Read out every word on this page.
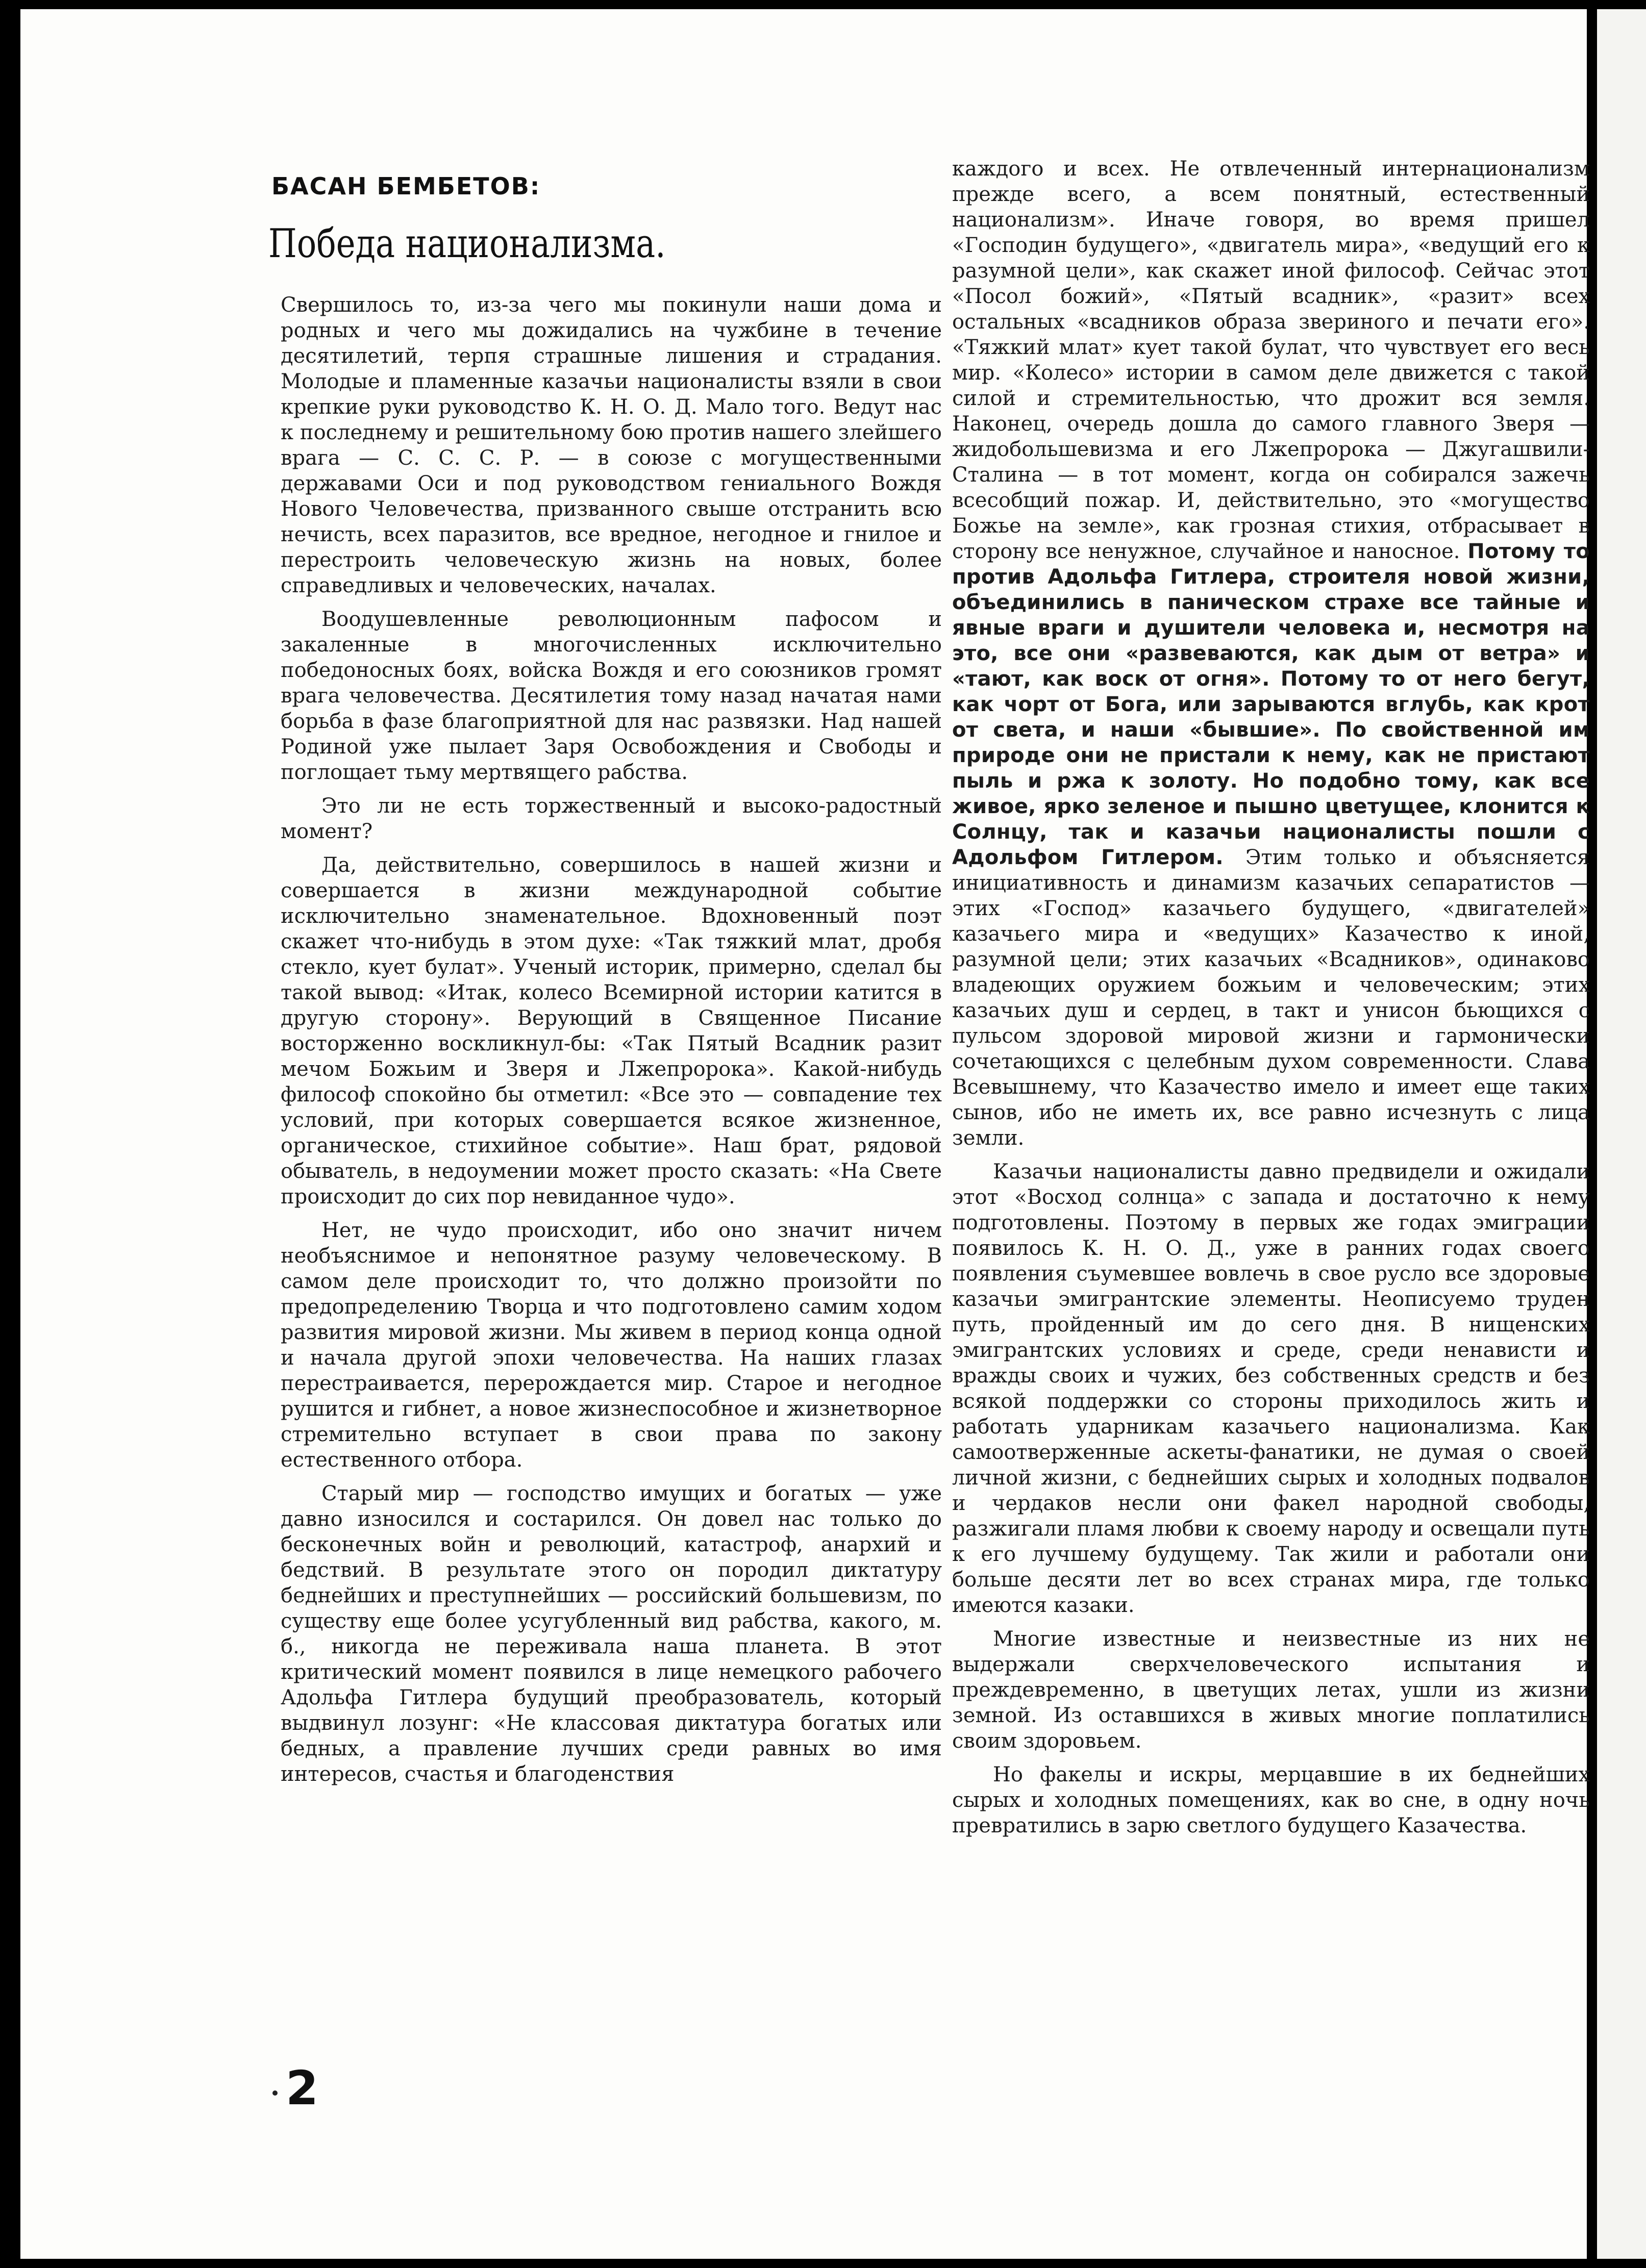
БАСАН БЕМБЕТОВ:
Победа национализма.

Свершилось то, из-за чего мы покинули наши дома и родных и чего мы дожидались на чужбине в течение десятилетий, терпя страшные лишения и страдания. Молодые и пламенные казачьи националисты взяли в свои крепкие руки руководство К. Н. О. Д. Мало того. Ведут нас к последнему и решительному бою против нашего злейшего врага — С. С. С. Р. — в союзе с могущественными державами Оси и под руководством гениального Вождя Нового Человечества, призванного свыше отстранить всю нечисть, всех паразитов, все вредное, негодное и гнилое и перестроить человеческую жизнь на новых, более справедливых и человеческих, началах.

Воодушевленные революционным пафосом и закаленные в многочисленных исключительно победоносных боях, войска Вождя и его союзников громят врага человечества. Десятилетия тому назад начатая нами борьба в фазе благоприятной для нас развязки. Над нашей Родиной уже пылает Заря Освобождения и Свободы и поглощает тьму мертвящего рабства.

Это ли не есть торжественный и высоко-радостный момент?

Да, действительно, совершилось в нашей жизни и совершается в жизни международной событие исключительно знаменательное. Вдохновенный поэт скажет что-нибудь в этом духе: «Так тяжкий млат, дробя стекло, кует булат». Ученый историк, примерно, сделал бы такой вывод: «Итак, колесо Всемирной истории катится в другую сторону». Верующий в Священное Писание восторженно воскликнул-бы: «Так Пятый Всадник разит мечом Божьим и Зверя и Лжепророка». Какой-нибудь философ спокойно бы отметил: «Все это — совпадение тех условий, при которых совершается всякое жизненное, органическое, стихийное событие». Наш брат, рядовой обыватель, в недоумении может просто сказать: «На Свете происходит до сих пор невиданное чудо».

Нет, не чудо происходит, ибо оно значит ничем необъяснимое и непонятное разуму человеческому. В самом деле происходит то, что должно произойти по предопределению Творца и что подготовлено самим ходом развития мировой жизни. Мы живем в период конца одной и начала другой эпохи человечества. На наших глазах перестраивается, перерождается мир. Старое и негодное рушится и гибнет, а новое жизнеспособное и жизнетворное стремительно вступает в свои права по закону естественного отбора.

Старый мир — господство имущих и богатых — уже давно износился и состарился. Он довел нас только до бесконечных войн и революций, катастроф, анархий и бедствий. В результате этого он породил диктатуру беднейших и преступнейших — российский большевизм, по существу еще более усугубленный вид рабства, какого, м. б., никогда не переживала наша планета. В этот критический момент появился в лице немецкого рабочего Адольфа Гитлера будущий преобразователь, который выдвинул лозунг: «Не классовая диктатура богатых или бедных, а правление лучших среди равных во имя интересов, счастья и благоденствия

каждого и всех. Не отвлеченный интернационализм прежде всего, а всем понятный, естественный национализм». Иначе говоря, во время пришел «Господин будущего», «двигатель мира», «ведущий его к разумной цели», как скажет иной философ. Сейчас этот «Посол божий», «Пятый всадник», «разит» всех остальных «всадников образа звериного и печати его». «Тяжкий млат» кует такой булат, что чувствует его весь мир. «Колесо» истории в самом деле движется с такой силой и стремительностью, что дрожит вся земля. Наконец, очередь дошла до самого главного Зверя — жидобольшевизма и его Лжепророка — Джугашвили-Сталина — в тот момент, когда он собирался зажечь всесобщий пожар. И, действительно, это «могущество Божье на земле», как грозная стихия, отбрасывает в сторону все ненужное, случайное и наносное. Потому то против Адольфа Гитлера, строителя новой жизни, объединились в паническом страхе все тайные и явные враги и душители человека и, несмотря на это, все они «развеваются, как дым от ветра» и «тают, как воск от огня». Потому то от него бегут, как чорт от Бога, или зарываются вглубь, как крот от света, и наши «бывшие». По свойственной им природе они не пристали к нему, как не пристают пыль и ржа к золоту. Но подобно тому, как все живое, ярко зеленое и пышно цветущее, клонится к Солнцу, так и казачьи националисты пошли с Адольфом Гитлером. Этим только и объясняется инициативность и динамизм казачьих сепаратистов — этих «Господ» казачьего будущего, «двигателей» казачьего мира и «ведущих» Казачество к иной, разумной цели; этих казачьих «Всадников», одинаково владеющих оружием божьим и человеческим; этих казачьих душ и сердец, в такт и унисон бьющихся с пульсом здоровой мировой жизни и гармонически сочетающихся с целебным духом современности. Слава Всевышнему, что Казачество имело и имеет еще таких сынов, ибо не иметь их, все равно исчезнуть с лица земли.

Казачьи националисты давно предвидели и ожидали этот «Восход солнца» с запада и достаточно к нему подготовлены. Поэтому в первых же годах эмиграции появилось К. Н. О. Д., уже в ранних годах своего появления съумевшее вовлечь в свое русло все здоровые казачьи эмигрантские элементы. Неописуемо труден путь, пройденный им до сего дня. В нищенских эмигрантских условиях и среде, среди ненависти и вражды своих и чужих, без собственных средств и без всякой поддержки со стороны приходилось жить и работать ударникам казачьего национализма. Как самоотверженные аскеты-фанатики, не думая о своей личной жизни, с беднейших сырых и холодных подвалов и чердаков несли они факел народной свободы, разжигали пламя любви к своему народу и освещали путь к его лучшему будущему. Так жили и работали они больше десяти лет во всех странах мира, где только имеются казаки.

Многие известные и неизвестные из них не выдержали сверхчеловеческого испытания и преждевременно, в цветущих летах, ушли из жизни земной. Из оставшихся в живых многие поплатились своим здоровьем.

Но факелы и искры, мерцавшие в их беднейших сырых и холодных помещениях, как во сне, в одну ночь превратились в зарю светлого будущего Казачества.

2
